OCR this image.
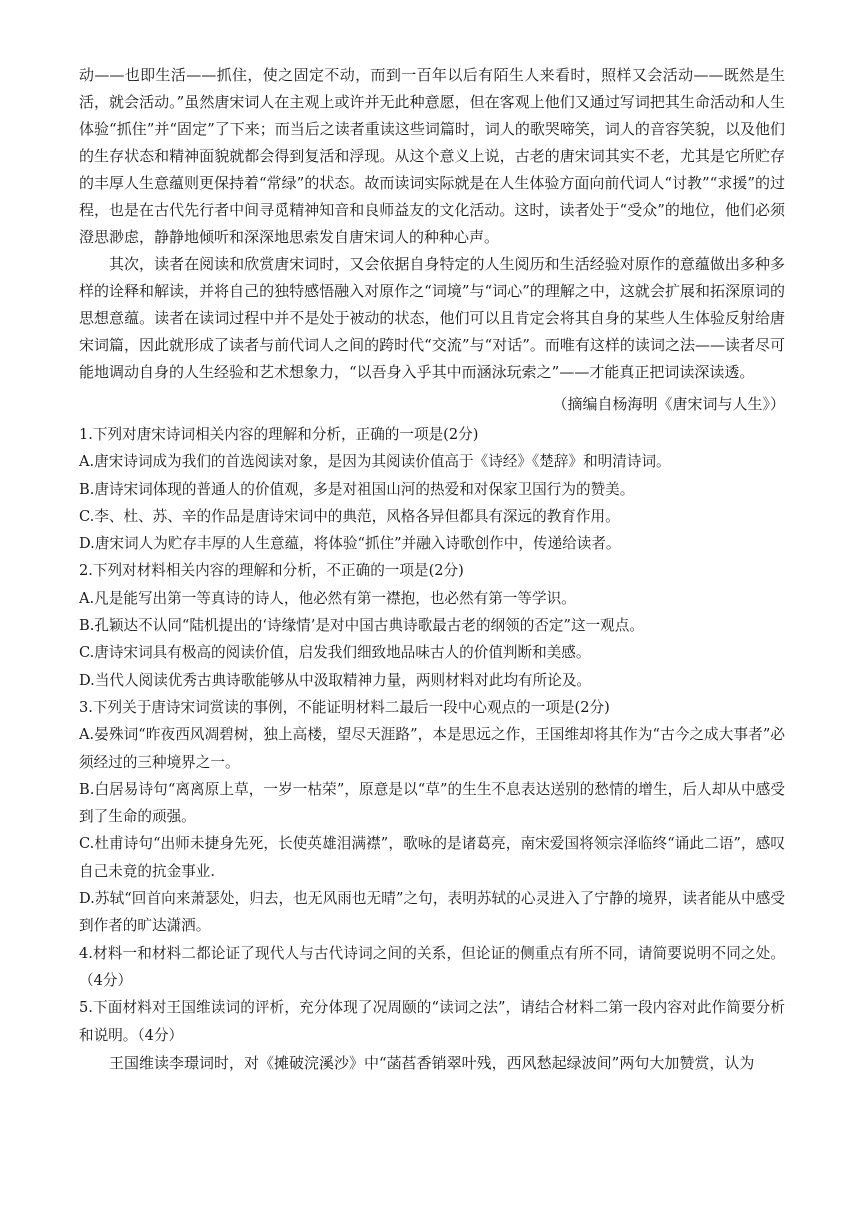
动——也即生活——抓住，使之固定不动，而到一百年以后有陌生人来看时，照样又会活动——既然是生活，就会活动。”虽然唐宋词人在主观上或许并无此种意愿，但在客观上他们又通过写词把其生命活动和人生体验“抓住”并“固定”了下来；而当后之读者重读这些词篇时，词人的歌哭啼笑，词人的音容笑貌，以及他们的生存状态和精神面貌就都会得到复活和浮现。从这个意义上说，古老的唐宋词其实不老，尤其是它所贮存的丰厚人生意蕴则更保持着“常绿”的状态。故而读词实际就是在人生体验方面向前代词人“讨教”“求援”的过程，也是在古代先行者中间寻觅精神知音和良师益友的文化活动。这时，读者处于“受众”的地位，他们必须澄思渺虑，静静地倾听和深深地思索发自唐宋词人的种种心声。

其次，读者在阅读和欣赏唐宋词时，又会依据自身特定的人生阅历和生活经验对原作的意蕴做出多种多样的诠释和解读，并将自己的独特感悟融入对原作之“词境”与“词心”的理解之中，这就会扩展和拓深原词的思想意蕴。读者在读词过程中并不是处于被动的状态，他们可以且肯定会将其自身的某些人生体验反射给唐宋词篇，因此就形成了读者与前代词人之间的跨时代“交流”与“对话”。而唯有这样的读词之法——读者尽可能地调动自身的人生经验和艺术想象力，“以吾身入乎其中而涵泳玩索之”——才能真正把词读深读透。

（摘编自杨海明《唐宋词与人生》）

1.下列对唐宋诗词相关内容的理解和分析，正确的一项是(2分)

A.唐宋诗词成为我们的首选阅读对象，是因为其阅读价值高于《诗经》《楚辞》和明清诗词。

B.唐诗宋词体现的普通人的价值观，多是对祖国山河的热爱和对保家卫国行为的赞美。

C.李、杜、苏、辛的作品是唐诗宋词中的典范，风格各异但都具有深远的教育作用。

D.唐宋词人为贮存丰厚的人生意蕴，将体验“抓住”并融入诗歌创作中，传递给读者。

2.下列对材料相关内容的理解和分析，不正确的一项是(2分)

A.凡是能写出第一等真诗的诗人，他必然有第一襟抱，也必然有第一等学识。

B.孔颖达不认同“陆机提出的‘诗缘情’是对中国古典诗歌最古老的纲领的否定”这一观点。

C.唐诗宋词具有极高的阅读价值，启发我们细致地品味古人的价值判断和美感。

D.当代人阅读优秀古典诗歌能够从中汲取精神力量，两则材料对此均有所论及。

3.下列关于唐诗宋词赏读的事例，不能证明材料二最后一段中心观点的一项是(2分)

A.晏殊词“昨夜西风凋碧树，独上高楼，望尽天涯路”，本是思远之作，王国维却将其作为“古今之成大事者”必须经过的三种境界之一。

B.白居易诗句“离离原上草，一岁一枯荣”，原意是以“草”的生生不息表达送别的愁情的增生，后人却从中感受到了生命的顽强。

C.杜甫诗句“出师未捷身先死，长使英雄泪满襟”，歌咏的是诸葛亮，南宋爱国将领宗泽临终“诵此二语”，感叹自己未竟的抗金事业.

D.苏轼“回首向来萧瑟处，归去，也无风雨也无晴”之句，表明苏轼的心灵进入了宁静的境界，读者能从中感受到作者的旷达潇洒。

4.材料一和材料二都论证了现代人与古代诗词之间的关系，但论证的侧重点有所不同，请简要说明不同之处。（4分）

5.下面材料对王国维读词的评析，充分体现了况周颐的“读词之法”，请结合材料二第一段内容对此作简要分析和说明。（4分）

王国维读李璟词时，对《摊破浣溪沙》中“菡萏香销翠叶残，西风愁起绿波间”两句大加赞赏，认为
